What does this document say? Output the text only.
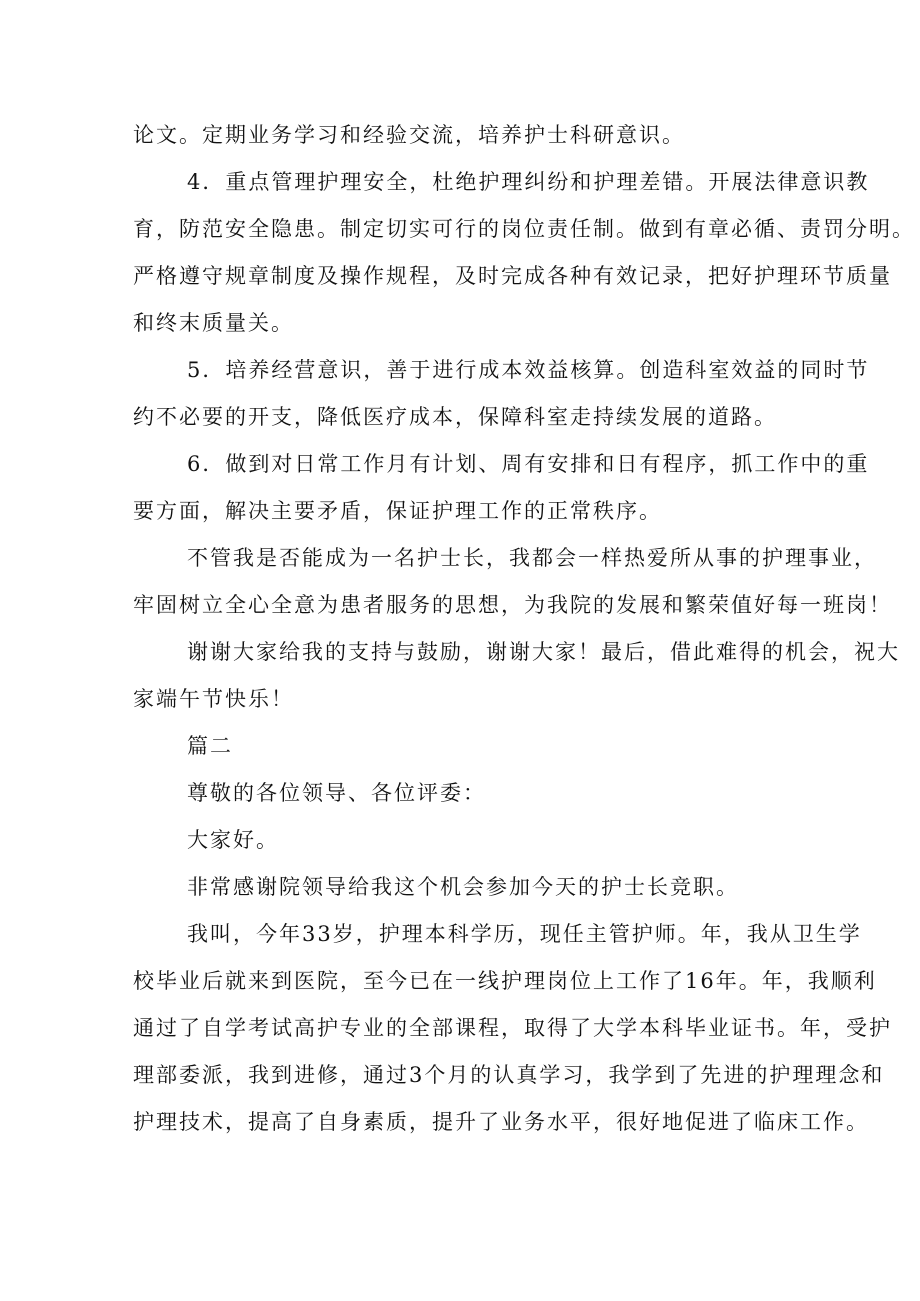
论文。定期业务学习和经验交流，培养护士科研意识。
4．重点管理护理安全，杜绝护理纠纷和护理差错。开展法律意识教
育，防范安全隐患。制定切实可行的岗位责任制。做到有章必循、责罚分明。
严格遵守规章制度及操作规程，及时完成各种有效记录，把好护理环节质量
和终末质量关。
5．培养经营意识，善于进行成本效益核算。创造科室效益的同时节
约不必要的开支，降低医疗成本，保障科室走持续发展的道路。
6．做到对日常工作月有计划、周有安排和日有程序，抓工作中的重
要方面，解决主要矛盾，保证护理工作的正常秩序。
不管我是否能成为一名护士长，我都会一样热爱所从事的护理事业，
牢固树立全心全意为患者服务的思想，为我院的发展和繁荣值好每一班岗！
谢谢大家给我的支持与鼓励，谢谢大家！最后，借此难得的机会，祝大
家端午节快乐！
篇二
尊敬的各位领导、各位评委：
大家好。
非常感谢院领导给我这个机会参加今天的护士长竞职。
我叫，今年33岁，护理本科学历，现任主管护师。年，我从卫生学
校毕业后就来到医院，至今已在一线护理岗位上工作了16年。年，我顺利
通过了自学考试高护专业的全部课程，取得了大学本科毕业证书。年，受护
理部委派，我到进修，通过3个月的认真学习，我学到了先进的护理理念和
护理技术，提高了自身素质，提升了业务水平，很好地促进了临床工作。
